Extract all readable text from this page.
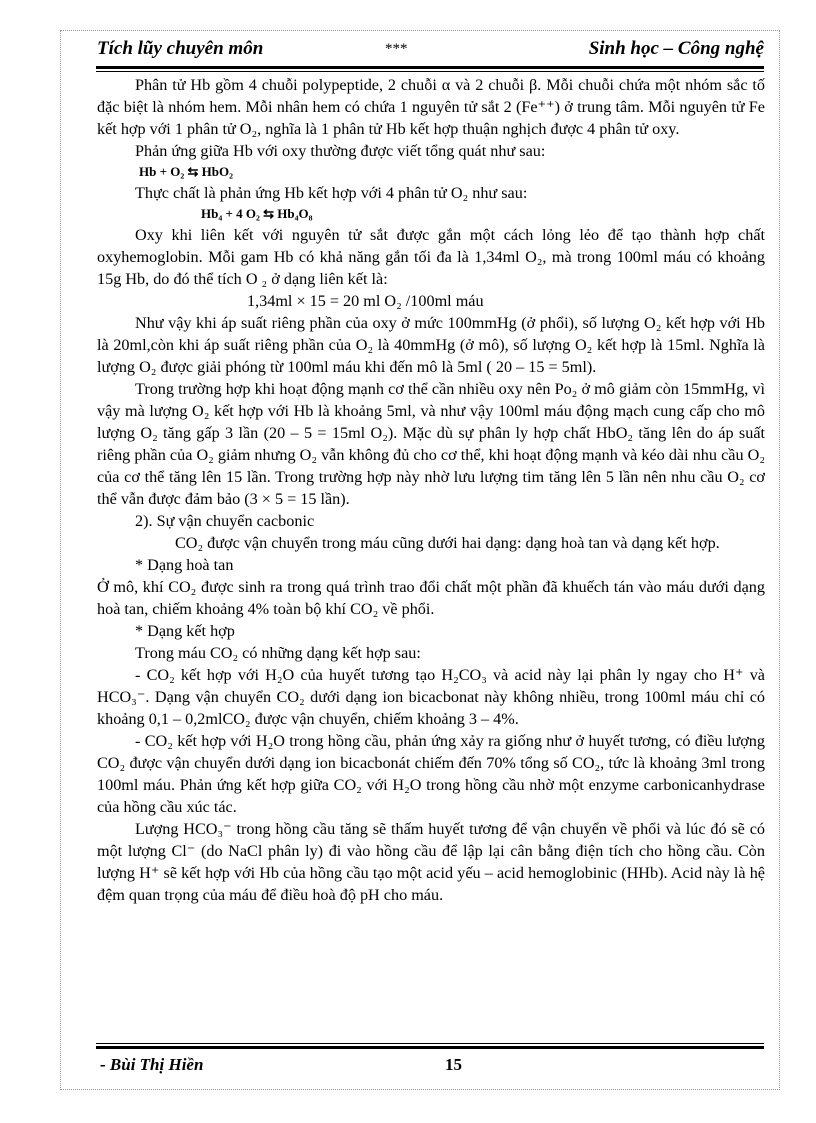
Tích lũy chuyên môn	***	Sinh học – Công nghệ

Phân tử Hb gồm 4 chuỗi polypeptide, 2 chuỗi α và 2 chuỗi β. Mỗi chuỗi chứa một nhóm sắc tố đặc biệt là nhóm hem. Mỗi nhân hem có chứa 1 nguyên tử sắt 2 (Fe⁺⁺) ở trung tâm. Mỗi nguyên tử Fe kết hợp với 1 phân tử O₂, nghĩa là 1 phân tử Hb kết hợp thuận nghịch được 4 phân tử oxy.

Phản ứng giữa Hb với oxy thường được viết tổng quát như sau:

Hb + O₂ ⇆ HbO₂

Thực chất là phản ứng Hb kết hợp với 4 phân tử O₂ như sau:

Hb₄ + 4 O₂ ⇆ Hb₄O₈

Oxy khi liên kết với nguyên tử sắt được gắn một cách lỏng lẻo để tạo thành hợp chất oxyhemoglobin. Mỗi gam Hb có khả năng gắn tối đa là 1,34ml O₂, mà trong 100ml máu có khoảng 15g Hb, do đó thể tích O ₂ ở dạng liên kết là:

1,34ml × 15 = 20 ml O₂ /100ml máu

Như vậy khi áp suất riêng phần của oxy ở mức 100mmHg (ở phổi), số lượng O₂ kết hợp với Hb là 20ml,còn khi áp suất riêng phần của O₂ là 40mmHg (ở mô), số lượng O₂ kết hợp là 15ml. Nghĩa là lượng O₂ được giải phóng từ 100ml máu khi đến mô là 5ml ( 20 – 15 = 5ml).

Trong trường hợp khi hoạt động mạnh cơ thể cần nhiều oxy nên Po₂ ở mô giảm còn 15mmHg, vì vậy mà lượng O₂ kết hợp với Hb là khoảng 5ml, và như vậy 100ml máu động mạch cung cấp cho mô lượng O₂ tăng gấp 3 lần (20 – 5 = 15ml O₂). Mặc dù sự phân ly hợp chất HbO₂ tăng lên do áp suất riêng phần của O₂ giảm nhưng O₂ vẫn không đủ cho cơ thể, khi hoạt động mạnh và kéo dài nhu cầu O₂ của cơ thể tăng lên 15 lần. Trong trường hợp này nhờ lưu lượng tim tăng lên 5 lần nên nhu cầu O₂ cơ thể vẫn được đảm bảo (3 × 5 = 15 lần).

2). Sự vận chuyển cacbonic

CO₂ được vận chuyển trong máu cũng dưới hai dạng: dạng hoà tan và dạng kết hợp.

* Dạng hoà tan

Ở mô, khí CO₂ được sinh ra trong quá trình trao đổi chất một phần đã khuếch tán vào máu dưới dạng hoà tan, chiếm khoảng 4% toàn bộ khí CO₂ về phổi.

* Dạng kết hợp

Trong máu CO₂ có những dạng kết hợp sau:

- CO₂ kết hợp với H₂O của huyết tương tạo H₂CO₃ và acid này lại phân ly ngay cho H⁺ và HCO₃⁻. Dạng vận chuyển CO₂ dưới dạng ion bicacbonat này không nhiều, trong 100ml máu chỉ có khoảng 0,1 – 0,2mlCO₂ được vận chuyển, chiếm khoảng 3 – 4%.

- CO₂ kết hợp với H₂O trong hồng cầu, phản ứng xảy ra giống như ở huyết tương, có điều lượng CO₂ được vận chuyển dưới dạng ion bicacbonát chiếm đến 70% tổng số CO₂, tức là khoảng 3ml trong 100ml máu. Phản ứng kết hợp giữa CO₂ với H₂O trong hồng cầu nhờ một enzyme carbonicanhydrase của hồng cầu xúc tác.

Lượng HCO₃⁻ trong hồng cầu tăng sẽ thấm huyết tương để vận chuyển về phổi và lúc đó sẽ có một lượng Cl⁻ (do NaCl phân ly) đi vào hồng cầu để lập lại cân bằng điện tích cho hồng cầu. Còn lượng H⁺ sẽ kết hợp với Hb của hồng cầu tạo một acid yếu – acid hemoglobinic (HHb). Acid này là hệ đệm quan trọng của máu để điều hoà độ pH cho máu.

- Bùi Thị Hiền	15
